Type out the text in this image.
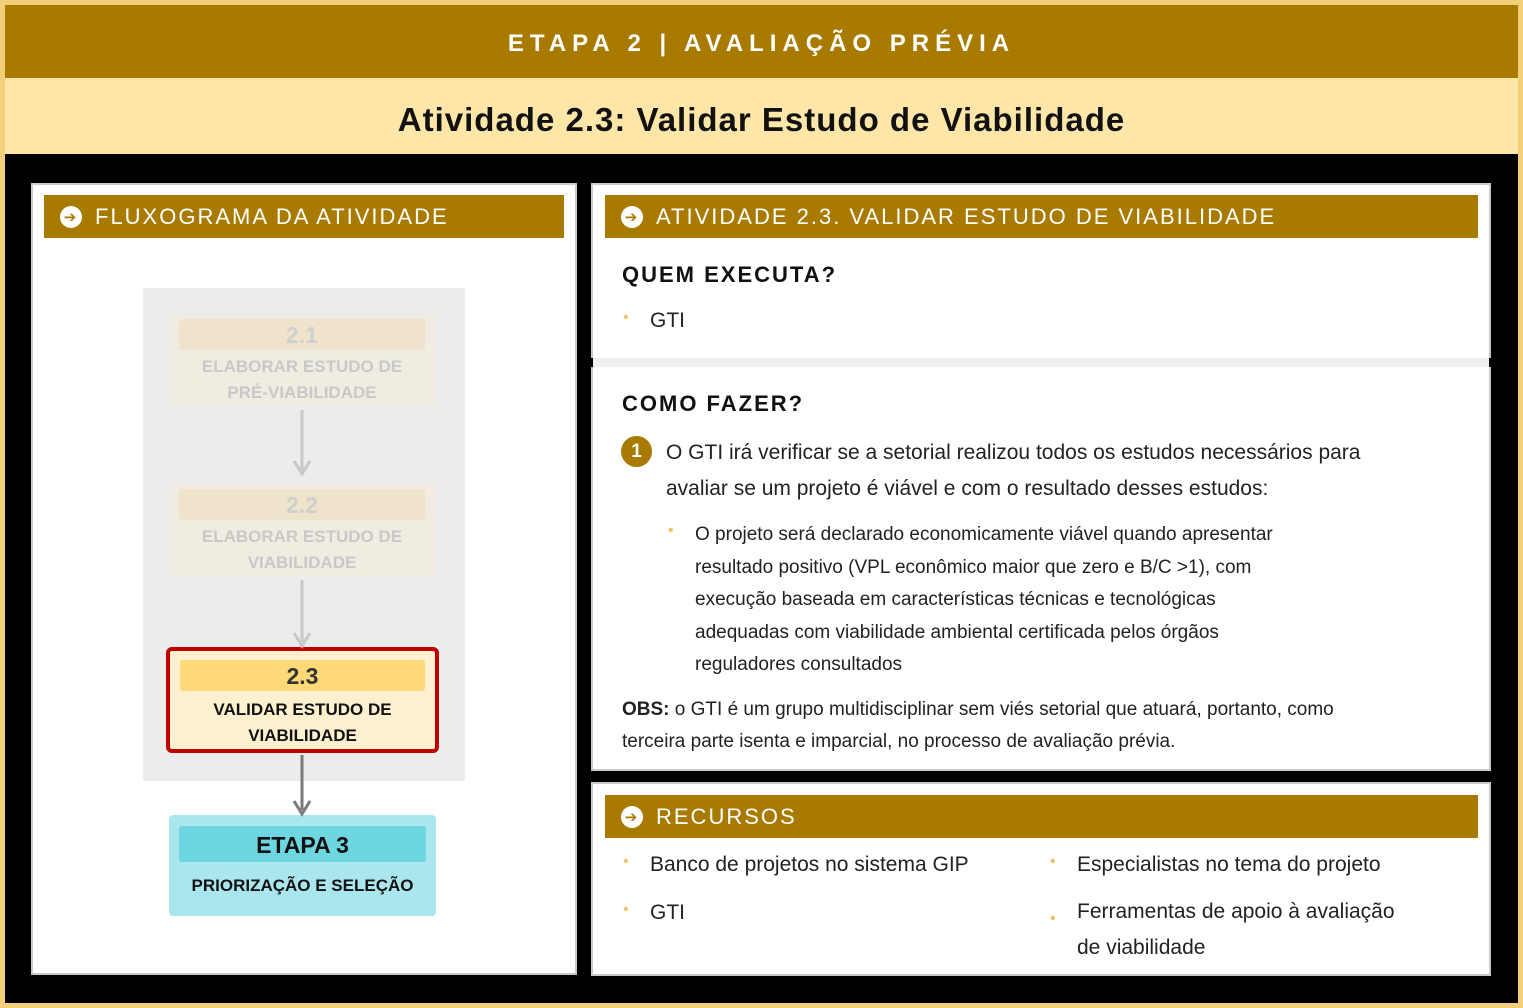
ETAPA 2 | AVALIAÇÃO PRÉVIA
Atividade 2.3: Validar Estudo de Viabilidade
➔ FLUXOGRAMA DA ATIVIDADE
2.1
ELABORAR ESTUDO DE
PRÉ-VIABILIDADE
2.2
ELABORAR ESTUDO DE
VIABILIDADE
2.3
VALIDAR ESTUDO DE
VIABILIDADE
ETAPA 3
PRIORIZAÇÃO E SELEÇÃO
➔ ATIVIDADE 2.3. VALIDAR ESTUDO DE VIABILIDADE
QUEM EXECUTA?
• GTI
COMO FAZER?
1	O GTI irá verificar se a setorial realizou todos os estudos necessários para
avaliar se um projeto é viável e com o resultado desses estudos:
• O projeto será declarado economicamente viável quando apresentar
resultado positivo (VPL econômico maior que zero e B/C >1), com
execução baseada em características técnicas e tecnológicas
adequadas com viabilidade ambiental certificada pelos órgãos
reguladores consultados
OBS: o GTI é um grupo multidisciplinar sem viés setorial que atuará, portanto, como
terceira parte isenta e imparcial, no processo de avaliação prévia.
➔ RECURSOS
• Banco de projetos no sistema GIP
• GTI
• Especialistas no tema do projeto
• Ferramentas de apoio à avaliação
de viabilidade
